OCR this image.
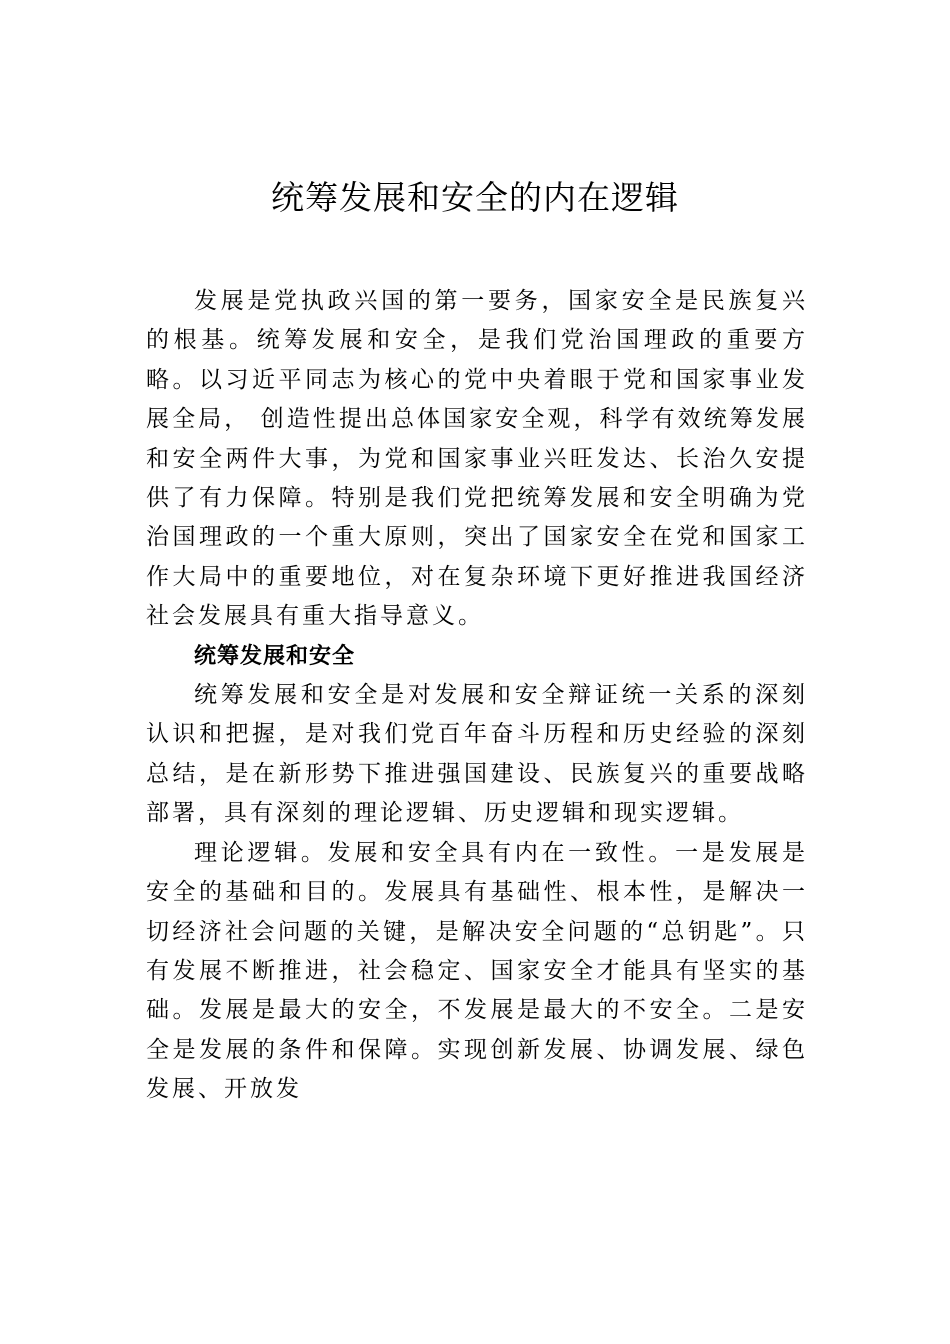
统筹发展和安全的内在逻辑

发展是党执政兴国的第一要务，国家安全是民族复兴的根基。统筹发展和安全，是我们党治国理政的重要方略。以习近平同志为核心的党中央着眼于党和国家事业发展全局， 创造性提出总体国家安全观，科学有效统筹发展和安全两件大事，为党和国家事业兴旺发达、长治久安提供了有力保障。特别是我们党把统筹发展和安全明确为党治国理政的一个重大原则，突出了国家安全在党和国家工作大局中的重要地位，对在复杂环境下更好推进我国经济社会发展具有重大指导意义。

统筹发展和安全

统筹发展和安全是对发展和安全辩证统一关系的深刻认识和把握，是对我们党百年奋斗历程和历史经验的深刻总结，是在新形势下推进强国建设、民族复兴的重要战略部署，具有深刻的理论逻辑、历史逻辑和现实逻辑。

理论逻辑。发展和安全具有内在一致性。一是发展是安全的基础和目的。发展具有基础性、根本性，是解决一切经济社会问题的关键，是解决安全问题的“总钥匙”。只有发展不断推进，社会稳定、国家安全才能具有坚实的基础。发展是最大的安全，不发展是最大的不安全。二是安全是发展的条件和保障。实现创新发展、协调发展、绿色发展、开放发
